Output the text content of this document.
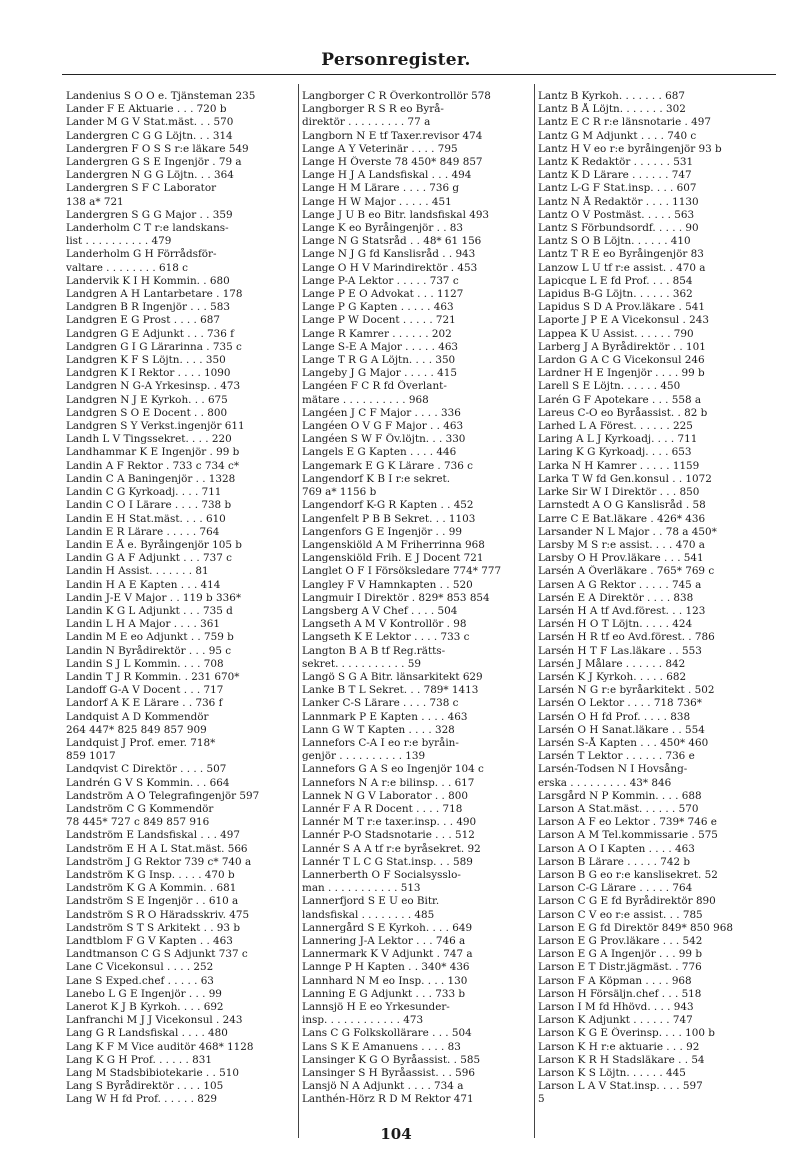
Personregister.
Landenius S O O e. Tjänsteman 235
Lander F E Aktuarie . . . 720 b
Lander M G V Stat.mäst. . . 570
Landergren C G G Löjtn. . . 314
Landergren F O S S r:e läkare 549
Landergren G S E Ingenjör . 79 a
Landergren N G G Löjtn. . . 364
Landergren S F C Laborator
138 a* 721
Landergren S G G Major . . 359
Landerholm C T r:e landskans-
list . . . . . . . . . . 479
Landerholm G H Förrådsför-
valtare . . . . . . . . 618 c
Landervik K I H Kommin. . 680
Landgren A H Lantarbetare . 178
Landgren B R Ingenjör . . . 583
Landgren E G Prost . . . . 687
Landgren G E Adjunkt . . . 736 f
Landgren G I G Lärarinna . 735 c
Landgren K F S Löjtn. . . . 350
Landgren K I Rektor . . . . 1090
Landgren N G-A Yrkesinsp. . 473
Landgren N J E Kyrkoh. . . 675
Landgren S O E Docent . . 800
Landgren S Y Verkst.ingenjör 611
Landh L V Tingssekret. . . . 220
Landhammar K E Ingenjör . 99 b
Landin A F Rektor . 733 c 734 c*
Landin C A Baningenjör . . 1328
Landin C G Kyrkoadj. . . . 711
Landin C O I Lärare . . . . 738 b
Landin E H Stat.mäst. . . . 610
Landin E R Lärare . . . . . 764
Landin E Å e. Byråingenjör 105 b
Landin G A F Adjunkt . . . 737 c
Landin H Assist. . . . . . . 81
Landin H A E Kapten . . . 414
Landin J-E V Major . . 119 b 336*
Landin K G L Adjunkt . . . 735 d
Landin L H A Major . . . . 361
Landin M E eo Adjunkt . . 759 b
Landin N Byrådirektör . . . 95 c
Landin S J L Kommin. . . . 708
Landin T J R Kommin. . 231 670*
Landoff G-A V Docent . . . 717
Landorf A K E Lärare . . 736 f
Landquist A D Kommendör
264 447* 825 849 857 909
Landquist J Prof. emer. 718*
859 1017
Landqvist C Direktör . . . . 507
Landrén G V S Kommin. . . 664
Landström A O Telegrafingenjör 597
Landström C G Kommendör
78 445* 727 c 849 857 916
Landström E Landsfiskal . . . 497
Landström E H A L Stat.mäst. 566
Landström J G Rektor 739 c* 740 a
Landström K G Insp. . . . . 470 b
Landström K G A Kommin. . 681
Landström S E Ingenjör . . 610 a
Landström S R O Häradsskriv. 475
Landström S T S Arkitekt . . 93 b
Landtblom F G V Kapten . . 463
Landtmanson C G S Adjunkt 737 c
Lane C Vicekonsul . . . . 252
Lane S Exped.chef . . . . . 63
Lanebo L G E Ingenjör . . . 99
Lanerot K J B Kyrkoh. . . . 692
Lanfranchi M J J Vicekonsul . 243
Lang G R Landsfiskal . . . . 480
Lang K F M Vice auditör 468* 1128
Lang K G H Prof. . . . . . 831
Lang M Stadsbibiotekarie . . 510
Lang S Byrådirektör . . . . 105
Lang W H fd Prof. . . . . . 829
Langborger C R Överkontrollör 578
Langborger R S R eo Byrå-
direktör . . . . . . . . . 77 a
Langborn N E tf Taxer.revisor 474
Lange A Y Veterinär . . . . 795
Lange H Överste 78 450* 849 857
Lange H J A Landsfiskal . . . 494
Lange H M Lärare . . . . 736 g
Lange H W Major . . . . . 451
Lange J U B eo Bitr. landsfiskal 493
Lange K eo Byråingenjör . . 83
Lange N G Statsråd . . 48* 61 156
Lange N J G fd Kanslisråd . . 943
Lange O H V Marindirektör . 453
Lange P-A Lektor . . . . . 737 c
Lange P E O Advokat . . . 1127
Lange P G Kapten . . . . . 463
Lange P W Docent . . . . . 721
Lange R Kamrer . . . . . . 202
Lange S-E A Major . . . . . 463
Lange T R G A Löjtn. . . . 350
Langeby J G Major . . . . . 415
Langéen F C R fd Överlant-
mätare . . . . . . . . . . 968
Langéen J C F Major . . . . 336
Langéen O V G F Major . . 463
Langéen S W F Öv.löjtn. . . 330
Langels E G Kapten . . . . 446
Langemark E G K Lärare . 736 c
Langendorf K B I r:e sekret.
769 a* 1156 b
Langendorf K-G R Kapten . . 452
Langenfelt P B B Sekret. . . 1103
Langenfors G E Ingenjör . . 99
Langenskiöld A M Friherrinna 968
Langenskiöld Frih. E J Docent 721
Langlet O F I Försöksledare 774* 777
Langley F V Hamnkapten . . 520
Langmuir I Direktör . 829* 853 854
Langsberg A V Chef . . . . 504
Langseth A M V Kontrollör . 98
Langseth K E Lektor . . . . 733 c
Langton B A B tf Reg.rätts-
sekret. . . . . . . . . . . 59
Langö S G A Bitr. länsarkitekt 629
Lanke B T L Sekret. . . 789* 1413
Lanker C-S Lärare . . . . 738 c
Lannmark P E Kapten . . . . 463
Lann G W T Kapten . . . . 328
Lannefors C-A I eo r:e byråin-
genjör . . . . . . . . . . 139
Lannefors G A S eo Ingenjör 104 c
Lannefors N A r:e bilinsp. . . 617
Lannek N G V Laborator . . 800
Lannér F A R Docent . . . . 718
Lannér M T r:e taxer.insp. . . 490
Lannér P-O Stadsnotarie . . . 512
Lannér S A A tf r:e byråsekret. 92
Lannér T L C G Stat.insp. . . 589
Lannerberth O F Socialsysslo-
man . . . . . . . . . . . 513
Lannerfjord S E U eo Bitr.
landsfiskal . . . . . . . . 485
Lannergård S E Kyrkoh. . . . 649
Lannering J-A Lektor . . . 746 a
Lannermark K V Adjunkt . 747 a
Lannge P H Kapten . . 340* 436
Lannhard N M eo Insp. . . . 130
Lanning E G Adjunkt . . . 733 b
Lannsjö H E eo Yrkesunder-
insp. . . . . . . . . . . . 473
Lans C G Folkskollärare . . . 504
Lans S K E Amanuens . . . . 83
Lansinger K G O Byråassist. . 585
Lansinger S H Byråassist. . . 596
Lansjö N A Adjunkt . . . . 734 a
Lanthén-Hörz R D M Rektor 471
Lantz B Kyrkoh. . . . . . . 687
Lantz B Å Löjtn. . . . . . . 302
Lantz E C R r:e länsnotarie . 497
Lantz G M Adjunkt . . . . 740 c
Lantz H V eo r:e byråingenjör 93 b
Lantz K Redaktör . . . . . . 531
Lantz K D Lärare . . . . . . 747
Lantz L-G F Stat.insp. . . . 607
Lantz N Å Redaktör . . . . 1130
Lantz O V Postmäst. . . . . 563
Lantz S Förbundsordf. . . . . 90
Lantz S O B Löjtn. . . . . . 410
Lantz T R E eo Byråingenjör 83
Lanzow L U tf r:e assist. . 470 a
Lapicque L E fd Prof. . . . 854
Lapidus B-G Löjtn. . . . . . 362
Lapidus S D A Prov.läkare . 541
Laporte J P E A Vicekonsul . 243
Lappea K U Assist. . . . . . 790
Larberg J A Byrådirektör . . 101
Lardon G A C G Vicekonsul 246
Lardner H E Ingenjör . . . . 99 b
Larell S E Löjtn. . . . . . 450
Larén G F Apotekare . . . 558 a
Lareus C-O eo Byråassist. . 82 b
Larhed L A Förest. . . . . . 225
Laring A L J Kyrkoadj. . . . 711
Laring K G Kyrkoadj. . . . 653
Larka N H Kamrer . . . . . 1159
Larka T W fd Gen.konsul . . 1072
Larke Sir W I Direktör . . . 850
Larnstedt A O G Kanslisråd . 58
Larre C E Bat.läkare . 426* 436
Larsander N L Major . . 78 a 450*
Larsby M S r:e assist. . . . 470 a
Larsby O H Prov.läkare . . . 541
Larsén A Överläkare . 765* 769 c
Larsen A G Rektor . . . . . 745 a
Larsén E A Direktör . . . . 838
Larsén H A tf Avd.förest. . . 123
Larsén H O T Löjtn. . . . . 424
Larsén H R tf eo Avd.förest. . 786
Larsén H T F Las.läkare . . 553
Larsén J Målare . . . . . . 842
Larsén K J Kyrkoh. . . . . 682
Larsén N G r:e byråarkitekt . 502
Larsén O Lektor . . . . 718 736*
Larsén O H fd Prof. . . . . 838
Larsén O H Sanat.läkare . . 554
Larsén S-Å Kapten . . . 450* 460
Larsén T Lektor . . . . . . 736 e
Larsén-Todsen N I Hovsång-
erska . . . . . . . . . 43* 846
Larsgård N P Kommin. . . . 688
Larson A Stat.mäst. . . . . . 570
Larson A F eo Lektor . 739* 746 e
Larson A M Tel.kommissarie . 575
Larson A O I Kapten . . . . 463
Larson B Lärare . . . . . 742 b
Larson B G eo r:e kanslisekret. 52
Larson C-G Lärare . . . . . 764
Larson C G E fd Byrådirektör 890
Larson C V eo r:e assist. . . 785
Larson E G fd Direktör 849* 850 968
Larson E G Prov.läkare . . . 542
Larson E G A Ingenjör . . . 99 b
Larson E T Distr.jägmäst. . 776
Larson F A Köpman . . . . 968
Larson H Försäljn.chef . . . 518
Larson I M fd Hhövd. . . . 943
Larson K Adjunkt . . . . . . 747
Larson K G E Överinsp. . . . 100 b
Larson K H r:e aktuarie . . . 92
Larson K R H Stadsläkare . . 54
Larson K S Löjtn. . . . . . 445
Larson L A V Stat.insp. . . . 597
5
104
